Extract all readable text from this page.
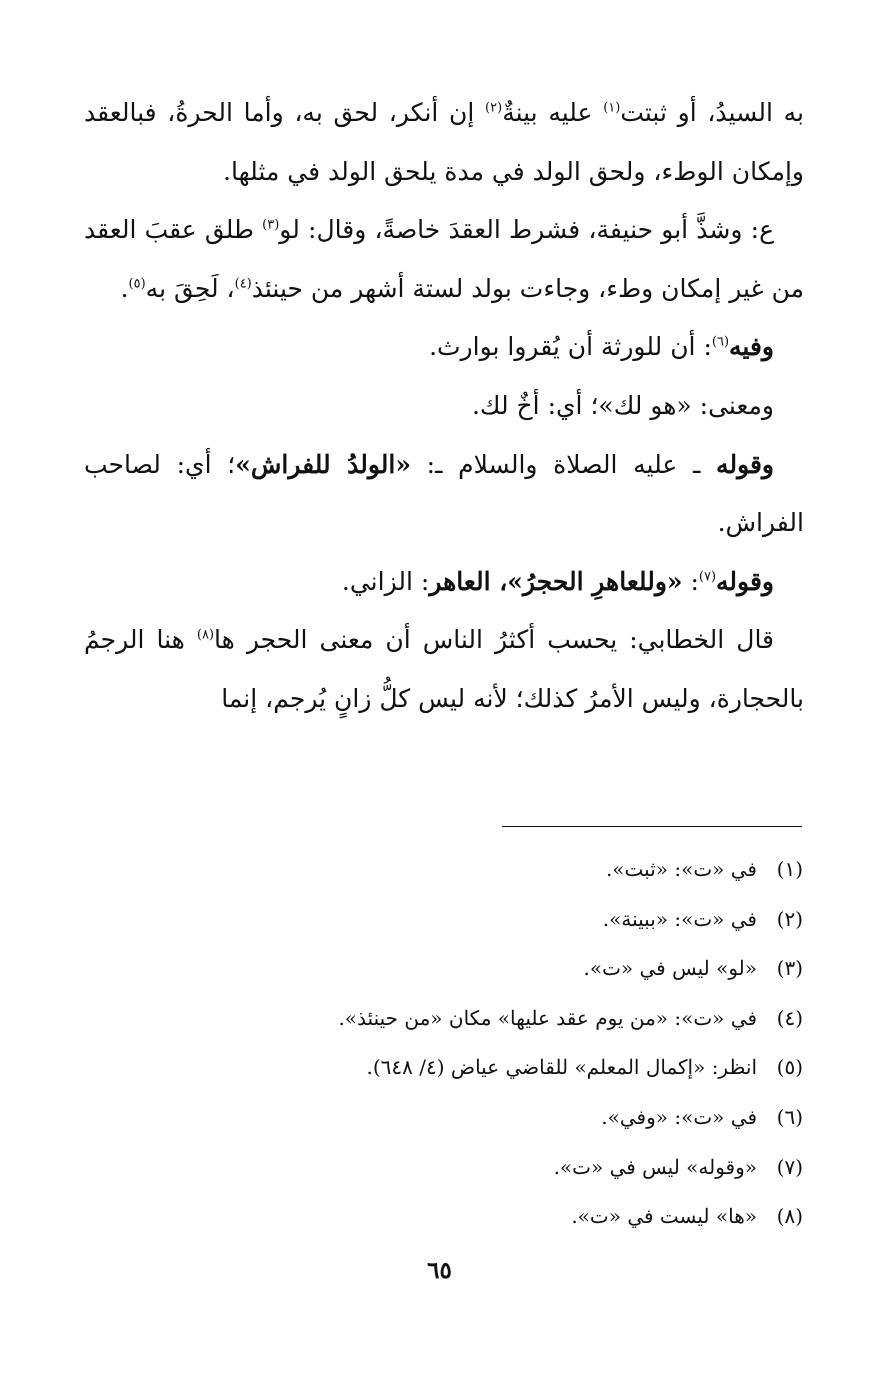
به السيدُ، أو ثبتت$^{(١)}$ عليه بينةٌ$^{(٢)}$ إن أنكر، لحق به، وأما الحرةُ، فبالعقد وإمكان الوطء، ولحق الولد في مدة يلحق الولد في مثلها.

ع: وشذَّ أبو حنيفة، فشرط العقدَ خاصةً، وقال: لو$^{(٣)}$ طلق عقبَ العقد من غير إمكان وطء، وجاءت بولد لستة أشهر من حينئذ$^{(٤)}$، لَحِقَ به$^{(٥)}$.

وفيه$^{(٦)}$: أن للورثة أن يُقروا بوارث.

ومعنى: «هو لك»؛ أي: أخٌ لك.

وقوله ـ عليه الصلاة والسلام ـ: «الولدُ للفراش»؛ أي: لصاحب الفراش.

وقوله$^{(٧)}$: «وللعاهرِ الحجرُ»، العاهر: الزاني.

قال الخطابي: يحسب أكثرُ الناس أن معنى الحجر ها$^{(٨)}$ هنا الرجمُ بالحجارة، وليس الأمرُ كذلك؛ لأنه ليس كلُّ زانٍ يُرجم، إنما

(١)في «ت»: «ثبت».

(٢)في «ت»: «ببينة».

(٣)«لو» ليس في «ت».

(٤)في «ت»: «من يوم عقد عليها» مكان «من حينئذ».

(٥)انظر: «إكمال المعلم» للقاضي عياض (٤/ ٦٤٨).

(٦)في «ت»: «وفي».

(٧)«وقوله» ليس في «ت».

(٨)«ها» ليست في «ت».

٦٥
